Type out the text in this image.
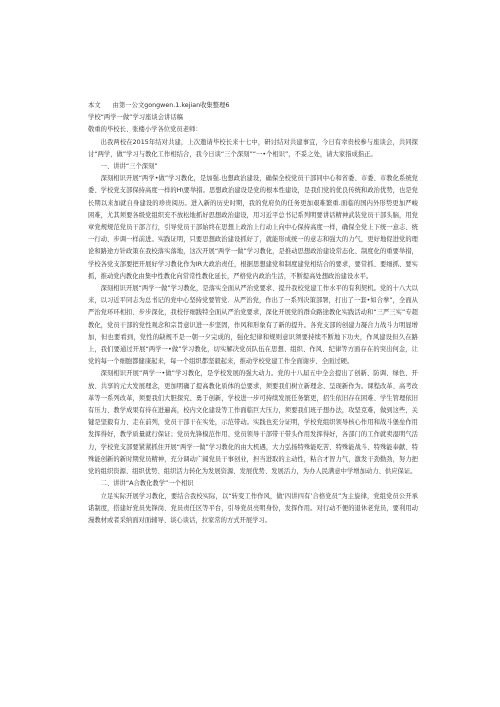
本文 由第一公文gongwen.1.kejian收集整理6
学校“两学一做”学习座谈会讲话稿
敬重的毕校长、张楼小学各位党员老师：

出我两校在2015年结对共建，上次邀请毕校长来十七中，研讨结对共建事宜，今日有幸贵校参与座谈会，共同探讨“两学，做”学习与教化工作相结合，我今日谈“三个深刻”“一•个相识”，不妥之处，请大家指成指正。

一、讲讲“三个深刻”

深刻相识开展“两学•做”学习教化，是加强.也想政治建设，确保全校党员干部同中心和省委、市委、市教化系统党委、学校党支部保持高度一样的H\要举措。思想政治建设是党的根本性建设，是我们党的优良传统和政治优势，也是党长期以来加就自身建设的珍贵阅历。进入新的历史时期，我的党府负的任务更加艰难繁重.面临的国内外形势更加严峻困难，尤其须要各级党组织充不放松地抓好思想政治建设，用习近平总书记系列明要讲话精神武装党员干部头脑，用党章党规规范党员干部言行，引导党员干部始终在思想上政治上行动上向中心保持高度一样，确保全党上下统一意志、统一行动、步调一样前进。实践证明，只要思想政治建设抓好了，就能形成统一的意志和强大的力气，更好地促进党的理论和路途方针政策在我校落实落地，这次开展“两学一做”学习教化，是推动思想政治建设常态化、制度化的重要举措，学校各党支部要把开展好学习教化作为IR大政治责任，根据思想建党和制度建党相结合的要求，要常抓、要细抓、要实抓，推动党内教化由集中性教化向常常性教化延长，严格党内政治生活，不断提高处想政治建设水平。

深刻相识开展“两学一做”学习教化，是落实全面从严治党要求、提升我校党建工作水平的有利契机。党的十八大以来，以习近平同志为总书记的党中心坚持党要管党．从严治党，作出了一系列决策部署，打出了一套•如合拳”，全面从严治党环环相扣、步步深化，我校仔细践特全面从严治党要求，深化开展党的群众路途教化实践活动和“三严三实”专超教化，党员干部的党性观念和宗旨意识进一步坚固，作风和形象有了新的提升。各党支部的创建力凝合力战斗力明显增加，但也要看到，党性的缺规不是一朝一夕完成的，强化纪律和规则意识须要持续不断地下功夫，作风建设但久在路上，我们要通过开展“两学一•做”学习教化，切实解决党员队伍在思想、组织、作风、纪律等方面存在的突出何金，让党的每一个细胞都健康起来，每一个组织都坚毅起来，推动学校党建工作全面谢步、全面过硬。

深刻相识开展“两学一•做”学习教化，是学校发展的强大动力。党的十八届五中全会提出了创新、防调、绿色、开放、共享的元大发展理念，更加明确了提高教化质体的总要求，须要我们树立新理念、呈现新作为。课程改革、高考改革等一系列改革，须要我们大胆探究、勇于创新，学校进一步可持续发展任务繁更，招生依旧存在困难、学生管理依旧有压力、教学成果有待在进遍高，校内文化建设等工作面临巨大压力，须要我们班子想办法，攻坚克难，做到这些，关键是坚毅有力、走在前列，党员干部干在实处，示范带动。实践也充分证明，学校党组织领导核心作用和战斗堡垒作用发挥得好，教学质量就行保证；党员先锋模范作用、党员领导干部带干带头作用发挥得好，各部门的工作就卖湿明气活力，学校党支部要紧紧抓住开展“两学一做”学习教化的由大机遇，大力弘扬特殊能吃苦、特殊能战斗、特殊能奉献、特殊能创新的新时期党员精神，充分调动广阔党员干事创业，担当进取的主动性，粘合才智力气，激发干劲勤劲，努力把党的组织资源、组织优势、组织活力转化为发展资源、发展优势、发展活力，为办人民满意中学增加动力、供应保证。

二、讲讲“A合教化教学”一个相识

立足实际开展学习教化，要结合我校实际，以“转变工作作风，做‘四讲四有’合格党员”为主旋律，党组党员公开承诺制度，搭建好党员先锋岗、党员责任区等平台，引导党员亮明身份，发挥作用。对行动不便的退休老党员，要利用动漫教材或者采纳面对面辅导、谈心谈话，拉家常的方式开展学习。
